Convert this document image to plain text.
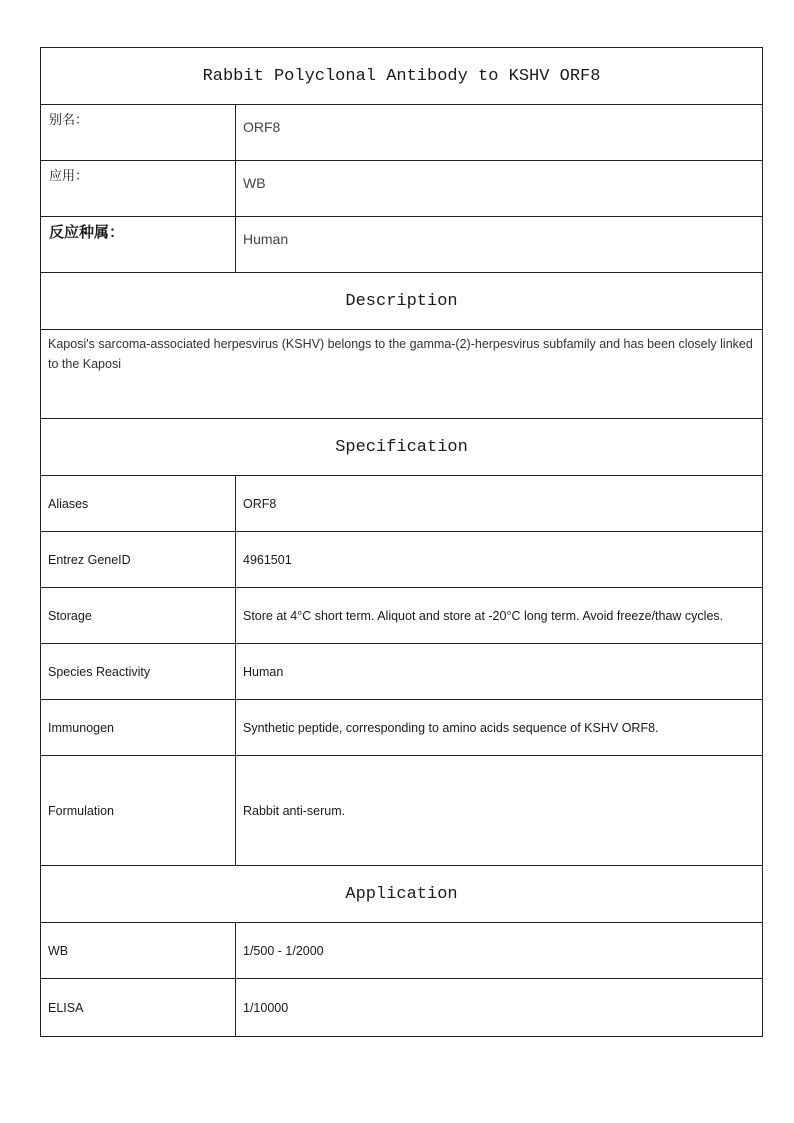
Rabbit Polyclonal Antibody to KSHV ORF8	
别名：	ORF8
应用：	WB
反应种属：	Human
Description	
Kaposi's sarcoma-associated herpesvirus (KSHV) belongs to the gamma-(2)-herpesvirus subfamily and has been closely linked to the Kaposi	
Specification	
Aliases	ORF8
Entrez GeneID	4961501
Storage	Store at 4°C short term. Aliquot and store at -20°C long term. Avoid freeze/thaw cycles.
Species Reactivity	Human
Immunogen	Synthetic peptide, corresponding to amino acids sequence of KSHV ORF8.
Formulation	Rabbit anti-serum.
Application	
WB	1/500 - 1/2000
ELISA	1/10000
